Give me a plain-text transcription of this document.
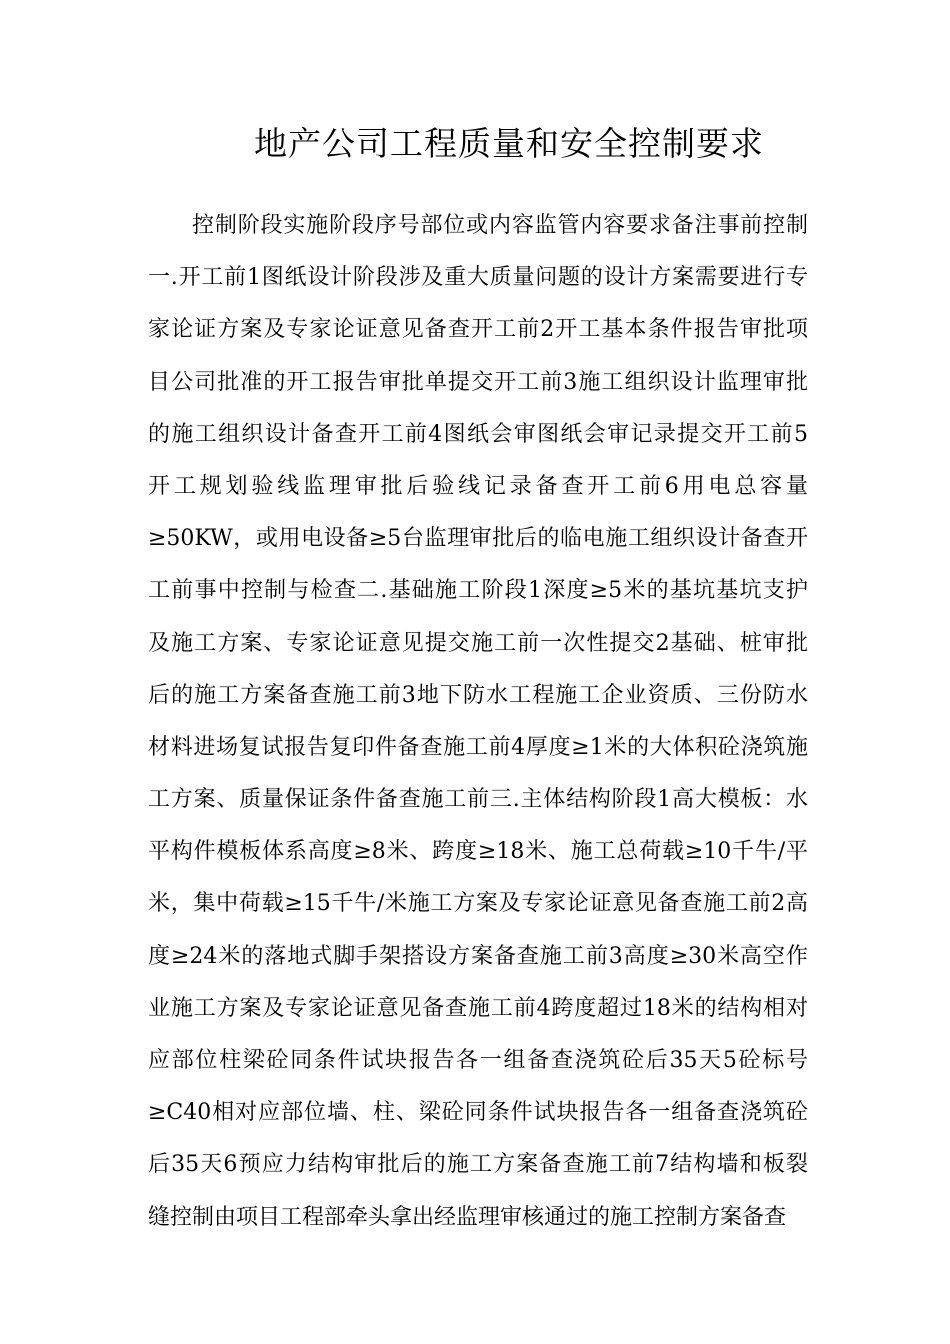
地产公司工程质量和安全控制要求
控制阶段实施阶段序号部位或内容监管内容要求备注事前控制
一.开工前1图纸设计阶段涉及重大质量问题的设计方案需要进行专
家论证方案及专家论证意见备查开工前2开工基本条件报告审批项
目公司批准的开工报告审批单提交开工前3施工组织设计监理审批
的施工组织设计备查开工前4图纸会审图纸会审记录提交开工前5
开工规划验线监理审批后验线记录备查开工前6用电总容量
≥50KW，或用电设备≥5台监理审批后的临电施工组织设计备查开
工前事中控制与检查二.基础施工阶段1深度≥5米的基坑基坑支护
及施工方案、专家论证意见提交施工前一次性提交2基础、桩审批
后的施工方案备查施工前3地下防水工程施工企业资质、三份防水
材料进场复试报告复印件备查施工前4厚度≥1米的大体积砼浇筑施
工方案、质量保证条件备查施工前三.主体结构阶段1高大模板：水
平构件模板体系高度≥8米、跨度≥18米、施工总荷载≥10千牛/平
米，集中荷载≥15千牛/米施工方案及专家论证意见备查施工前2高
度≥24米的落地式脚手架搭设方案备查施工前3高度≥30米高空作
业施工方案及专家论证意见备查施工前4跨度超过18米的结构相对
应部位柱梁砼同条件试块报告各一组备查浇筑砼后35天5砼标号
≥C40相对应部位墙、柱、梁砼同条件试块报告各一组备查浇筑砼
后35天6预应力结构审批后的施工方案备查施工前7结构墙和板裂
缝控制由项目工程部牵头拿出经监理审核通过的施工控制方案备查
